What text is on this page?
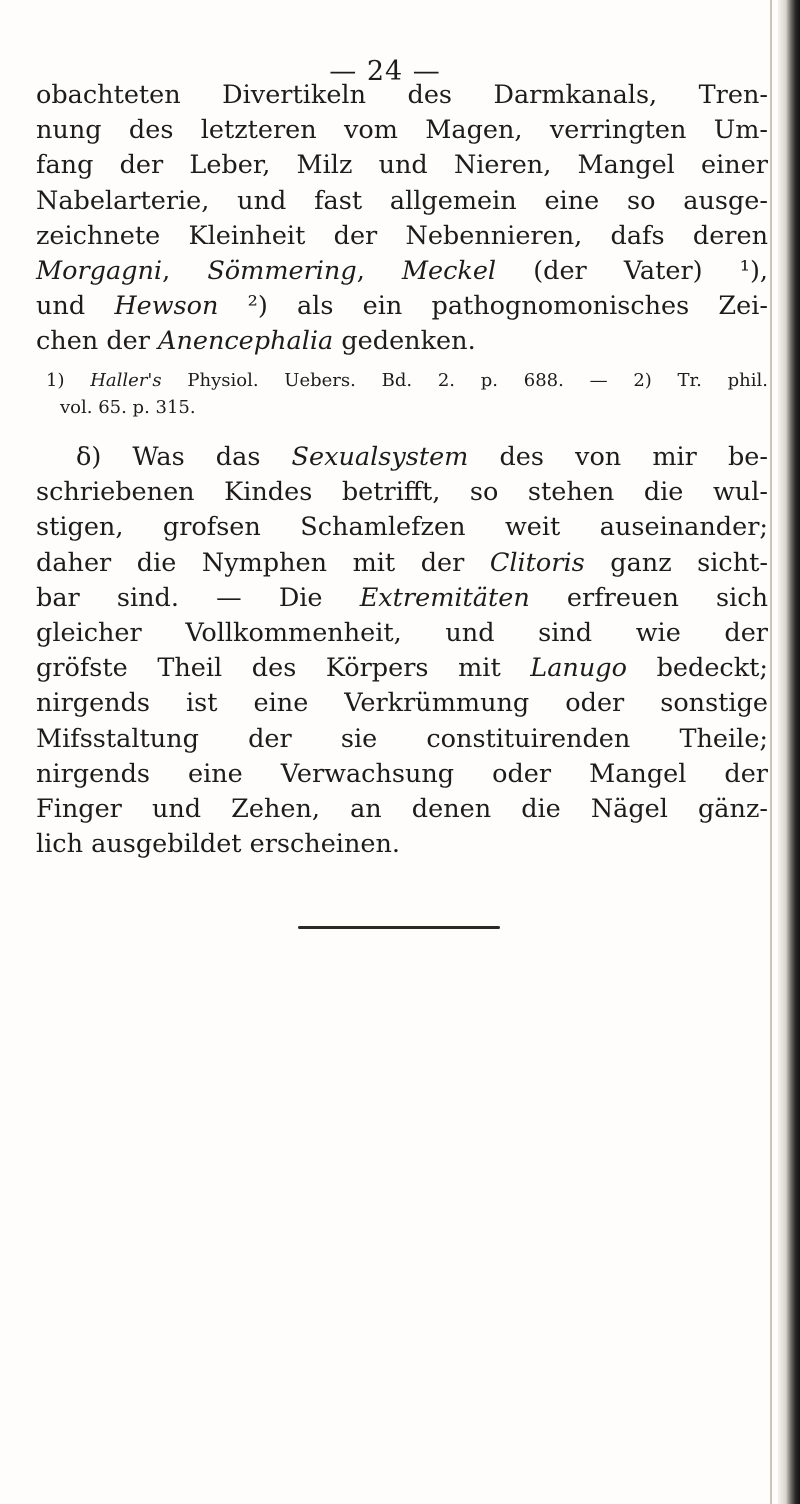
— 24 —
obachteten Divertikeln des Darmkanals, Tren-
nung des letzteren vom Magen, verringten Um-
fang der Leber, Milz und Nieren, Mangel einer
Nabelarterie, und fast allgemein eine so ausge-
zeichnete Kleinheit der Nebennieren, dafs deren
Morgagni, Sömmering, Meckel (der Vater) ¹),
und Hewson ²) als ein pathognomonisches Zei-
chen der Anencephalia gedenken.
1) Haller's Physiol. Uebers. Bd. 2. p. 688. — 2) Tr. phil.
vol. 65. p. 315.
δ) Was das Sexualsystem des von mir be-
schriebenen Kindes betrifft, so stehen die wul-
stigen, grofsen Schamlefzen weit auseinander;
daher die Nymphen mit der Clitoris ganz sicht-
bar sind. — Die Extremitäten erfreuen sich
gleicher Vollkommenheit, und sind wie der
gröfste Theil des Körpers mit Lanugo bedeckt;
nirgends ist eine Verkrümmung oder sonstige
Mifsstaltung der sie constituirenden Theile;
nirgends eine Verwachsung oder Mangel der
Finger und Zehen, an denen die Nägel gänz-
lich ausgebildet erscheinen.
